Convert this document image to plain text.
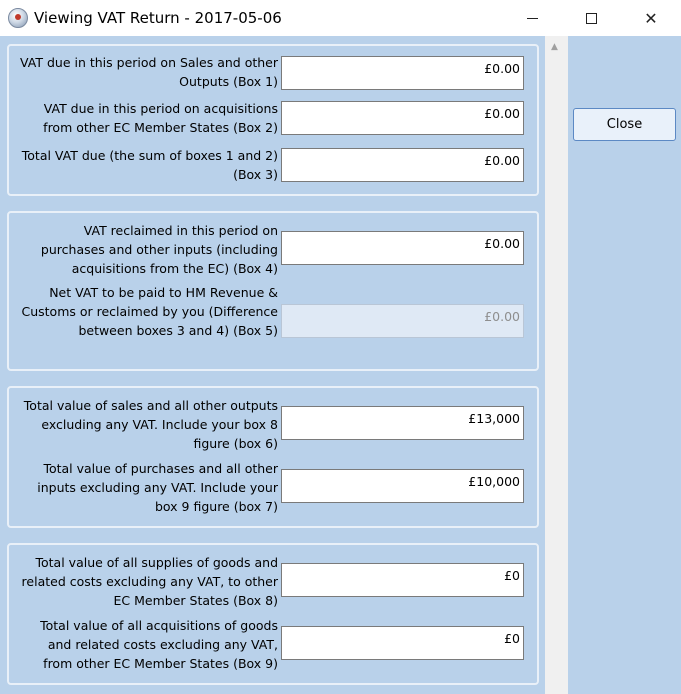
Viewing VAT Return - 2017-05-06	✕
▲
VAT due in this period on Sales and other Outputs (Box 1)
£0.00
VAT due in this period on acquisitions from other EC Member States (Box 2)
£0.00
Total VAT due (the sum of boxes 1 and 2) (Box 3)
£0.00
VAT reclaimed in this period on purchases and other inputs (including acquisitions from the EC) (Box 4)
£0.00
Net VAT to be paid to HM Revenue & Customs or reclaimed by you (Difference between boxes 3 and 4) (Box 5)
£0.00
Total value of sales and all other outputs excluding any VAT. Include your box 8 figure (box 6)
£13,000
Total value of purchases and all other inputs excluding any VAT. Include your box 9 figure (box 7)
£10,000
Total value of all supplies of goods and related costs excluding any VAT, to other EC Member States (Box 8)
£0
Total value of all acquisitions of goods and related costs excluding any VAT, from other EC Member States (Box 9)
£0
Close
